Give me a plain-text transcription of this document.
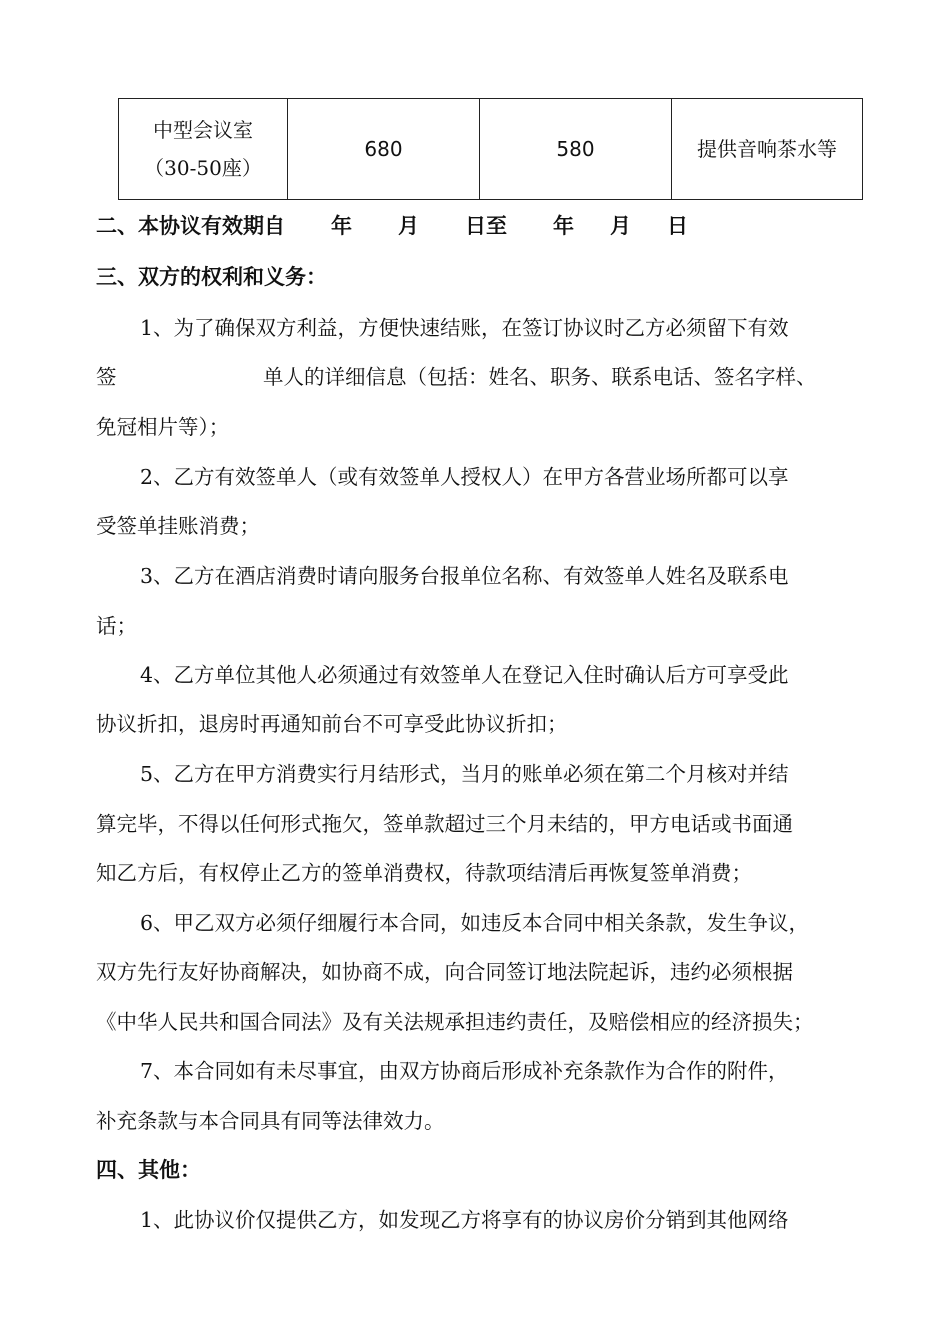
中型会议室
（30-50座）
	680	580	提供音响茶水等
二、本协议有效期自 年 月 日至 年 月 日
三、双方的权利和义务：
1、为了确保双方利益，方便快速结账，在签订协议时乙方必须留下有效
签	单人的详细信息（包括：姓名、职务、联系电话、签名字样、
免冠相片等）；
2、乙方有效签单人（或有效签单人授权人）在甲方各营业场所都可以享
受签单挂账消费；
3、乙方在酒店消费时请向服务台报单位名称、有效签单人姓名及联系电
话；
4、乙方单位其他人必须通过有效签单人在登记入住时确认后方可享受此
协议折扣，退房时再通知前台不可享受此协议折扣；
5、乙方在甲方消费实行月结形式，当月的账单必须在第二个月核对并结
算完毕，不得以任何形式拖欠，签单款超过三个月未结的，甲方电话或书面通
知乙方后，有权停止乙方的签单消费权，待款项结清后再恢复签单消费；
6、甲乙双方必须仔细履行本合同，如违反本合同中相关条款，发生争议，
双方先行友好协商解决，如协商不成，向合同签订地法院起诉，违约必须根据
《中华人民共和国合同法》及有关法规承担违约责任，及赔偿相应的经济损失；
7、本合同如有未尽事宜，由双方协商后形成补充条款作为合作的附件，
补充条款与本合同具有同等法律效力。
四、其他：
1、此协议价仅提供乙方，如发现乙方将享有的协议房价分销到其他网络
